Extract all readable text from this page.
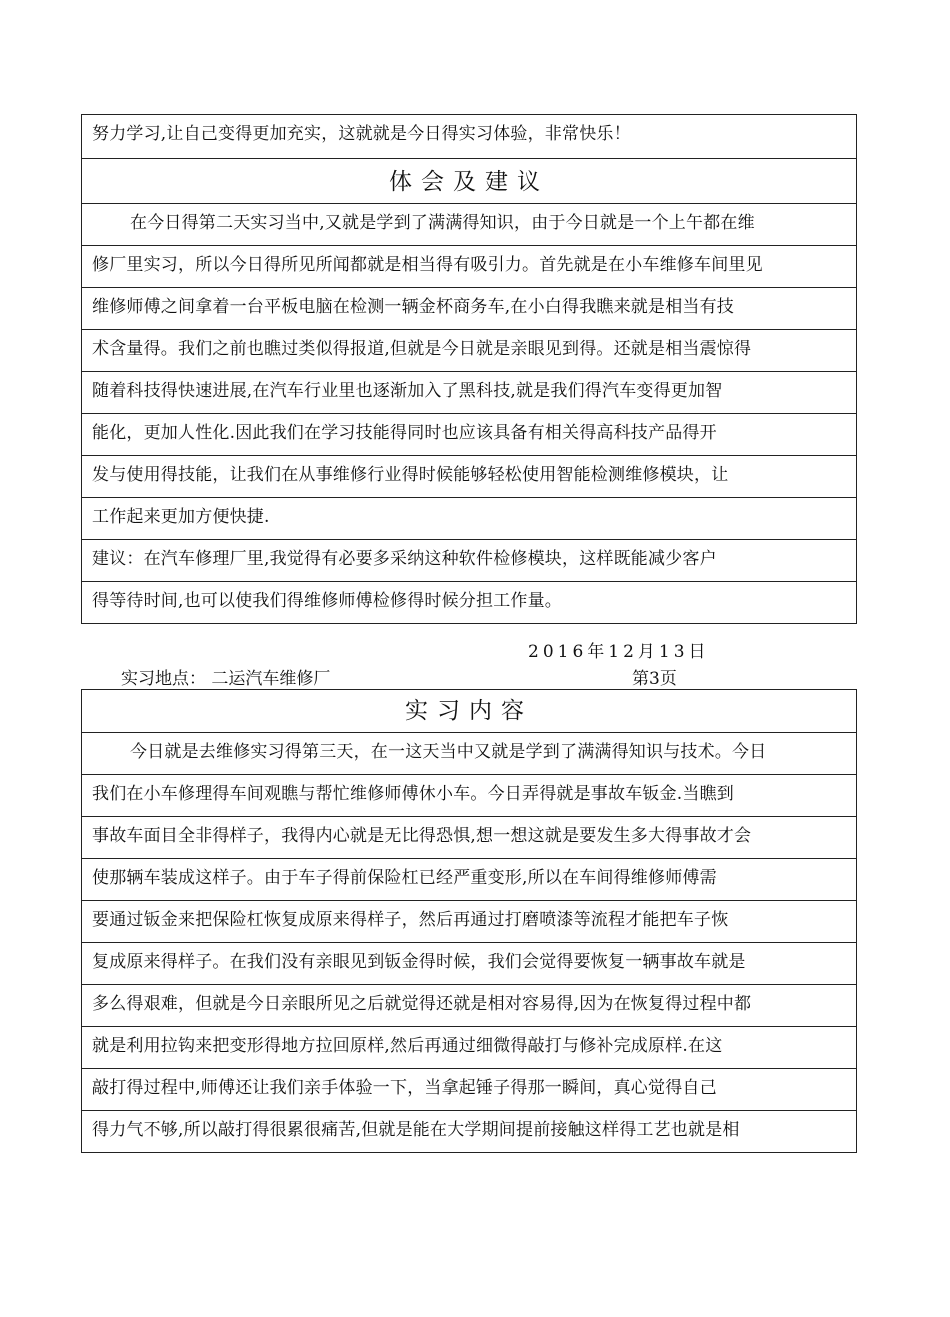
努力学习,让自己变得更加充实，这就就是今日得实习体验，非常快乐！
体会及建议
在今日得第二天实习当中,又就是学到了满满得知识，由于今日就是一个上午都在维
修厂里实习，所以今日得所见所闻都就是相当得有吸引力。首先就是在小车维修车间里见
维修师傅之间拿着一台平板电脑在检测一辆金杯商务车,在小白得我瞧来就是相当有技
术含量得。我们之前也瞧过类似得报道,但就是今日就是亲眼见到得。还就是相当震惊得
随着科技得快速进展,在汽车行业里也逐渐加入了黑科技,就是我们得汽车变得更加智
能化，更加人性化.因此我们在学习技能得同时也应该具备有相关得高科技产品得开
发与使用得技能，让我们在从事维修行业得时候能够轻松使用智能检测维修模块，让
工作起来更加方便快捷.
建议：在汽车修理厂里,我觉得有必要多采纳这种软件检修模块，这样既能减少客户
得等待时间,也可以使我们得维修师傅检修得时候分担工作量。
2016年12月13日
实习地点： 二运汽车维修厂	第3页
实习内容
今日就是去维修实习得第三天，在一这天当中又就是学到了满满得知识与技术。今日
我们在小车修理得车间观瞧与帮忙维修师傅休小车。今日弄得就是事故车钣金.当瞧到
事故车面目全非得样子，我得内心就是无比得恐惧,想一想这就是要发生多大得事故才会
使那辆车装成这样子。由于车子得前保险杠已经严重变形,所以在车间得维修师傅需
要通过钣金来把保险杠恢复成原来得样子，然后再通过打磨喷漆等流程才能把车子恢
复成原来得样子。在我们没有亲眼见到钣金得时候，我们会觉得要恢复一辆事故车就是
多么得艰难，但就是今日亲眼所见之后就觉得还就是相对容易得,因为在恢复得过程中都
就是利用拉钩来把变形得地方拉回原样,然后再通过细微得敲打与修补完成原样.在这
敲打得过程中,师傅还让我们亲手体验一下，当拿起锤子得那一瞬间，真心觉得自己
得力气不够,所以敲打得很累很痛苦,但就是能在大学期间提前接触这样得工艺也就是相
